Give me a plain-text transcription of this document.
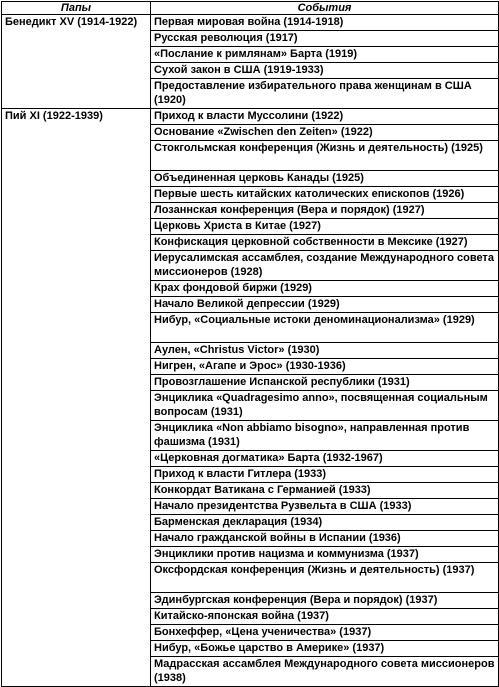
Папы	События
Бенедикт XV (1914-1922)	Первая мировая война (1914-1918)
	Русская революция (1917)
	«Послание к римлянам» Барта (1919)
	Сухой закон в США (1919-1933)
	Предоставление избирательного права женщинам в США (1920)
Пий XI (1922-1939)	Приход к власти Муссолини (1922)
	Основание «Zwischen den Zeiten» (1922)
	Стокгольмская конференция (Жизнь и деятельность) (1925)
	Объединенная церковь Канады (1925)
	Первые шесть китайских католических епископов (1926)
	Лозаннская конференция (Вера и порядок) (1927)
	Церковь Христа в Китае (1927)
	Конфискация церковной собственности в Мексике (1927)
	Иерусалимская ассамблея, создание Международного совета миссионеров (1928)
	Крах фондовой биржи (1929)
	Начало Великой депрессии (1929)
	Нибур, «Социальные истоки деноминационализма» (1929)
	Аулен, «Christus Victor» (1930)
	Нигрен, «Агапе и Эрос» (1930-1936)
	Провозглашение Испанской республики (1931)
	Энциклика «Quadragesimo anno», посвященная социальным вопросам (1931)
	Энциклика «Non abbiamo bisogno», направленная против фашизма (1931)
	«Церковная догматика» Барта (1932-1967)
	Приход к власти Гитлера (1933)
	Конкордат Ватикана с Германией (1933)
	Начало президентства Рузвельта в США (1933)
	Барменская декларация (1934)
	Начало гражданской войны в Испании (1936)
	Энциклики против нацизма и коммунизма (1937)
	Оксфордская конференция (Жизнь и деятельность) (1937)
	Эдинбургская конференция (Вера и порядок) (1937)
	Китайско-японская война (1937)
	Бонхеффер, «Цена ученичества» (1937)
	Нибур, «Божье царство в Америке» (1937)
	Мадрасская ассамблея Международного совета миссионеров (1938)
